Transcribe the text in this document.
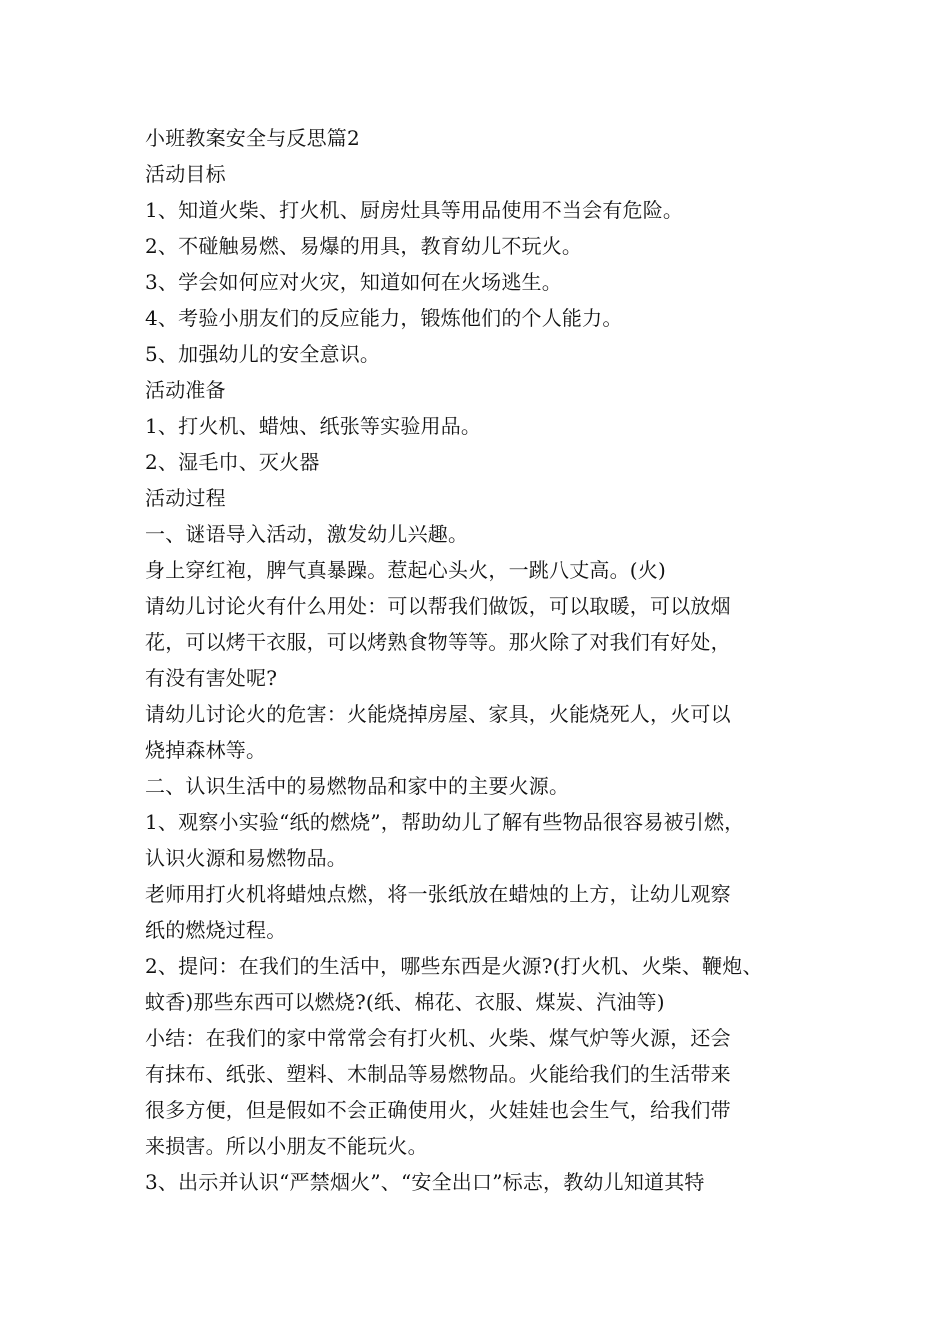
小班教案安全与反思篇2
活动目标
1、知道火柴、打火机、厨房灶具等用品使用不当会有危险。
2、不碰触易燃、易爆的用具，教育幼儿不玩火。
3、学会如何应对火灾，知道如何在火场逃生。
4、考验小朋友们的反应能力，锻炼他们的个人能力。
5、加强幼儿的安全意识。
活动准备
1、打火机、蜡烛、纸张等实验用品。
2、湿毛巾、灭火器
活动过程
一、谜语导入活动，激发幼儿兴趣。
身上穿红袍，脾气真暴躁。惹起心头火，一跳八丈高。(火)
请幼儿讨论火有什么用处：可以帮我们做饭，可以取暖，可以放烟
花，可以烤干衣服，可以烤熟食物等等。那火除了对我们有好处，
有没有害处呢?
请幼儿讨论火的危害：火能烧掉房屋、家具，火能烧死人，火可以
烧掉森林等。
二、认识生活中的易燃物品和家中的主要火源。
1、观察小实验“纸的燃烧”，帮助幼儿了解有些物品很容易被引燃，
认识火源和易燃物品。
老师用打火机将蜡烛点燃，将一张纸放在蜡烛的上方，让幼儿观察
纸的燃烧过程。
2、提问：在我们的生活中，哪些东西是火源?(打火机、火柴、鞭炮、
蚊香)那些东西可以燃烧?(纸、棉花、衣服、煤炭、汽油等)
小结：在我们的家中常常会有打火机、火柴、煤气炉等火源，还会
有抹布、纸张、塑料、木制品等易燃物品。火能给我们的生活带来
很多方便，但是假如不会正确使用火，火娃娃也会生气，给我们带
来损害。所以小朋友不能玩火。
3、出示并认识“严禁烟火”、“安全出口”标志，教幼儿知道其特
